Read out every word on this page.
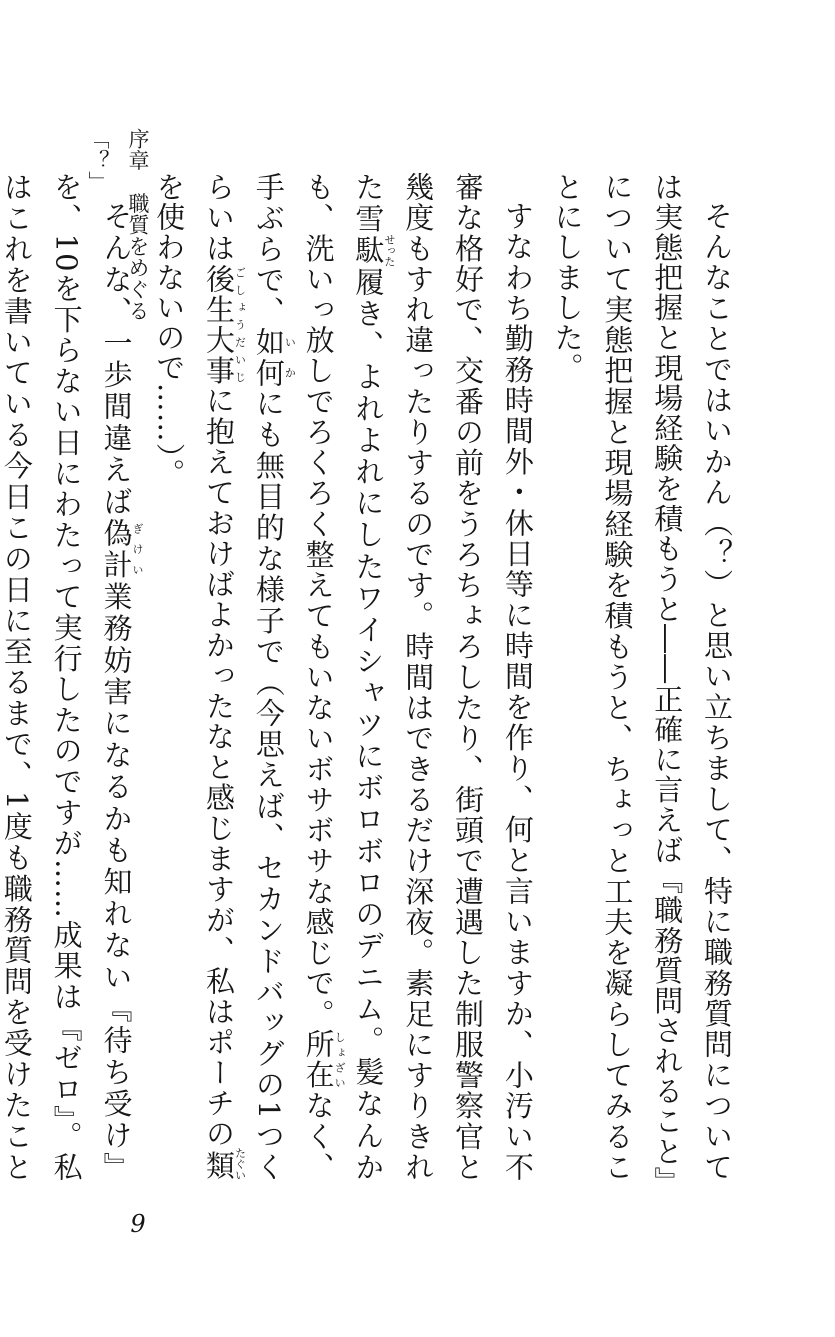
序章　職質をめぐる「？」

そんなことではいかん（？）と思い立ちまして、特に職務質問については実態把握と現場経験を積もうと――正確に言えば『職務質問されること』について実態把握と現場経験を積もうと、ちょっと工夫を凝らしてみることにしました。

すなわち勤務時間外・休日等に時間を作り、何と言いますか、小汚い不審な格好で、交番の前をうろちょろしたり、街頭で遭遇した制服警察官と幾度もすれ違ったりするのです。時間はできるだけ深夜。素足にすりきれた雪駄せった履き、よれよれにしたワイシャツにボロボロのデニム。髪なんかも、洗いっ放しでろくろく整えてもいないボサボサな感じで。所在しょざいなく、手ぶらで、如何いかにも無目的な様子で（今思えば、セカンドバッグの1つくらいは後生大事ごしょうだいじに抱えておけばよかったなと感じますが、私はポーチの類たぐいを使わないので……）。

そんな、一歩間違えば偽計ぎけい業務妨害になるかも知れない『待ち受け』を、10を下らない日にわたって実行したのですが……成果は『ゼロ』。私はこれを書いている今日この日に至るまで、1度も職務質問を受けたこと

9
